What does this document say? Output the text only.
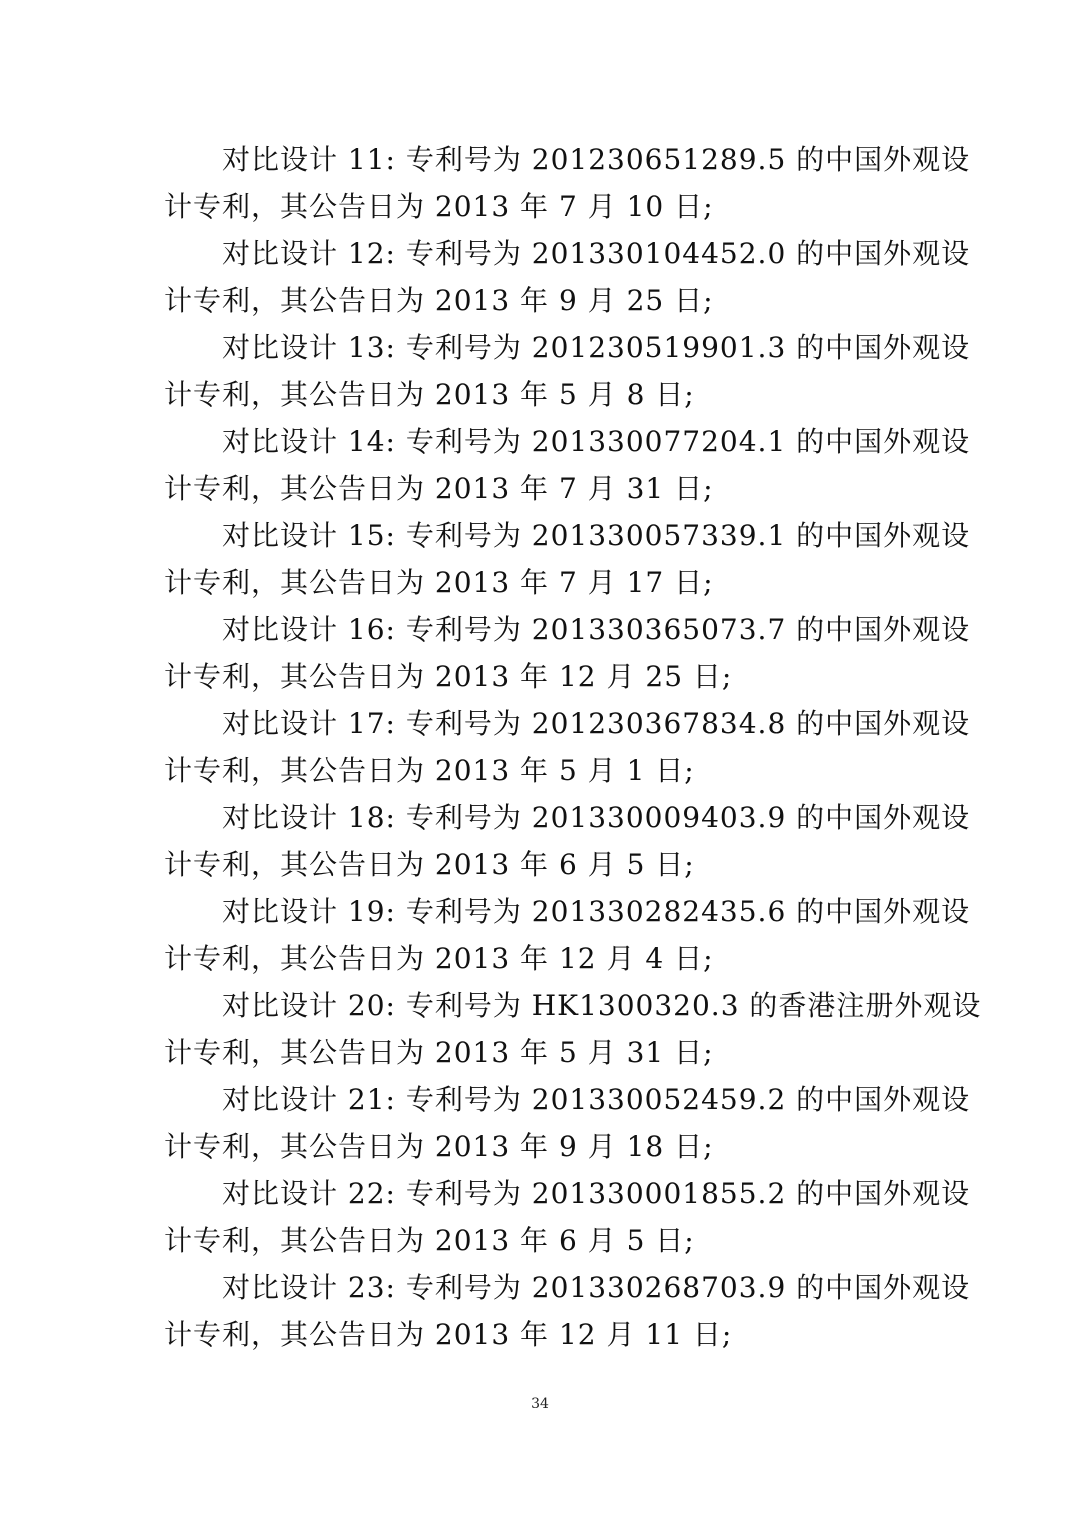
对比设计 11: 专利号为 201230651289.5 的中国外观设
计专利，其公告日为 2013 年 7 月 10 日;
对比设计 12: 专利号为 201330104452.0 的中国外观设
计专利，其公告日为 2013 年 9 月 25 日;
对比设计 13: 专利号为 201230519901.3 的中国外观设
计专利，其公告日为 2013 年 5 月 8 日;
对比设计 14: 专利号为 201330077204.1 的中国外观设
计专利，其公告日为 2013 年 7 月 31 日;
对比设计 15: 专利号为 201330057339.1 的中国外观设
计专利，其公告日为 2013 年 7 月 17 日;
对比设计 16: 专利号为 201330365073.7 的中国外观设
计专利，其公告日为 2013 年 12 月 25 日;
对比设计 17: 专利号为 201230367834.8 的中国外观设
计专利，其公告日为 2013 年 5 月 1 日;
对比设计 18: 专利号为 201330009403.9 的中国外观设
计专利，其公告日为 2013 年 6 月 5 日;
对比设计 19: 专利号为 201330282435.6 的中国外观设
计专利，其公告日为 2013 年 12 月 4 日;
对比设计 20: 专利号为 HK1300320.3 的香港注册外观设
计专利，其公告日为 2013 年 5 月 31 日;
对比设计 21: 专利号为 201330052459.2 的中国外观设
计专利，其公告日为 2013 年 9 月 18 日;
对比设计 22: 专利号为 201330001855.2 的中国外观设
计专利，其公告日为 2013 年 6 月 5 日;
对比设计 23: 专利号为 201330268703.9 的中国外观设
计专利，其公告日为 2013 年 12 月 11 日;
34
